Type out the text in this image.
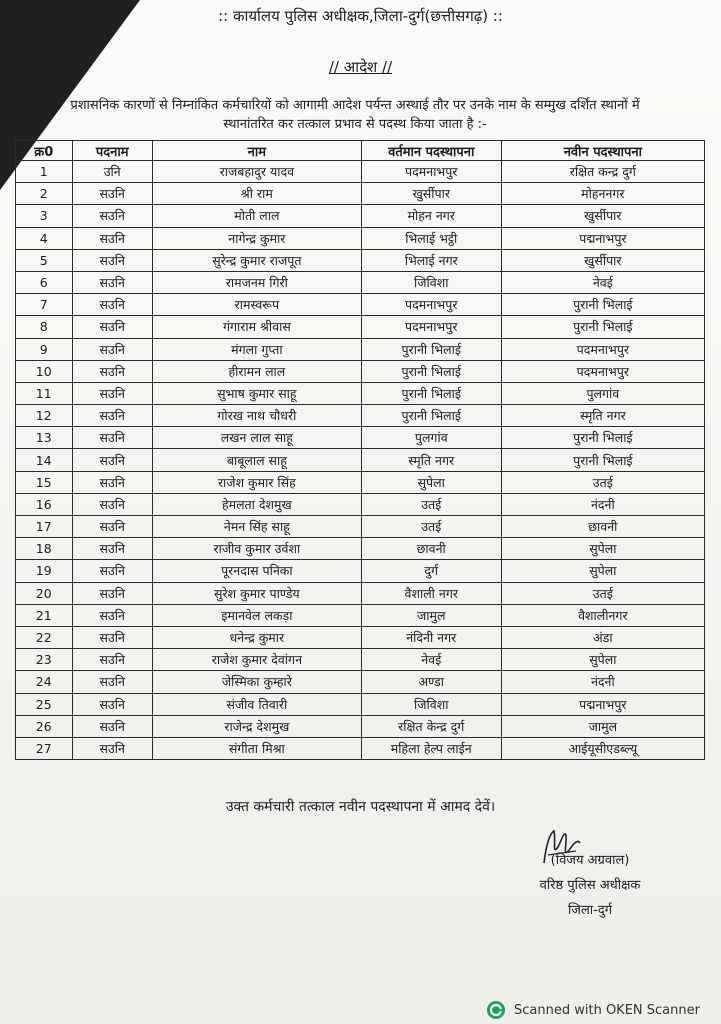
:: कार्यालय पुलिस अधीक्षक,जिला-दुर्ग(छत्तीसगढ़) ::
// आदेश //
प्रशासनिक कारणों से निम्नांकित कर्मचारियों को आगामी आदेश पर्यन्त अस्थाई तौर पर उनके नाम के सम्मुख दर्शित स्थानों में स्थानांतरित कर तत्काल प्रभाव से पदस्थ किया जाता है :-
क्र0	पदनाम	नाम	वर्तमान पदस्थापना	नवीन पदस्थापना
1	उनि	राजबहादुर यादव	पदमनाभपुर	रक्षित कन्द्र दुर्ग
2	सउनि	श्री राम	खुर्सीपार	मोहननगर
3	सउनि	मोती लाल	मोहन नगर	खुर्सीपार
4	सउनि	नागेन्द्र कुमार	भिलाई भट्ठी	पद्मनाभपुर
5	सउनि	सुरेन्द्र कुमार राजपूत	भिलाई नगर	खुर्सीपार
6	सउनि	रामजनम गिरी	जिविशा	नेवई
7	सउनि	रामस्वरूप	पदमनाभपुर	पुरानी भिलाई
8	सउनि	गंगाराम श्रीवास	पदमनाभपुर	पुरानी भिलाई
9	सउनि	मंगला गुप्ता	पुरानी भिलाई	पदमनाभपुर
10	सउनि	हीरामन लाल	पुरानी भिलाई	पदमनाभपुर
11	सउनि	सुभाष कुमार साहू	पुरानी भिलाई	पुलगांव
12	सउनि	गोरख नाथ चौधरी	पुरानी भिलाई	स्मृति नगर
13	सउनि	लखन लाल साहू	पुलगांव	पुरानी भिलाई
14	सउनि	बाबूलाल साहू	स्मृति नगर	पुरानी भिलाई
15	सउनि	राजेश कुमार सिंह	सुपेला	उतई
16	सउनि	हेमलता देशमुख	उतई	नंदनी
17	सउनि	नेमन सिंह साहू	उतई	छावनी
18	सउनि	राजीव कुमार उर्वशा	छावनी	सुपेला
19	सउनि	पूरनदास पनिका	दुर्ग	सुपेला
20	सउनि	सुरेश कुमार पाण्डेय	वैशाली नगर	उतई
21	सउनि	इमानवेल लकड़ा	जामुल	वैशालीनगर
22	सउनि	धनेन्द्र कुमार	नंदिनी नगर	अंडा
23	सउनि	राजेश कुमार देवांगन	नेवई	सुपेला
24	सउनि	जेस्मिका कुम्हारे	अण्डा	नंदनी
25	सउनि	संजीव तिवारी	जिविशा	पद्मनाभपुर
26	सउनि	राजेन्द्र देशमुख	रक्षित केन्द्र दुर्ग	जामुल
27	सउनि	संगीता मिश्रा	महिला हेल्प लाईन	आईयूसीएडब्ल्यू
उक्त कर्मचारी तत्काल नवीन पदस्थापना में आमद देवें।
(विजय अग्रवाल)
वरिष्ठ पुलिस अधीक्षक
जिला-दुर्ग
Scanned with OKEN Scanner
